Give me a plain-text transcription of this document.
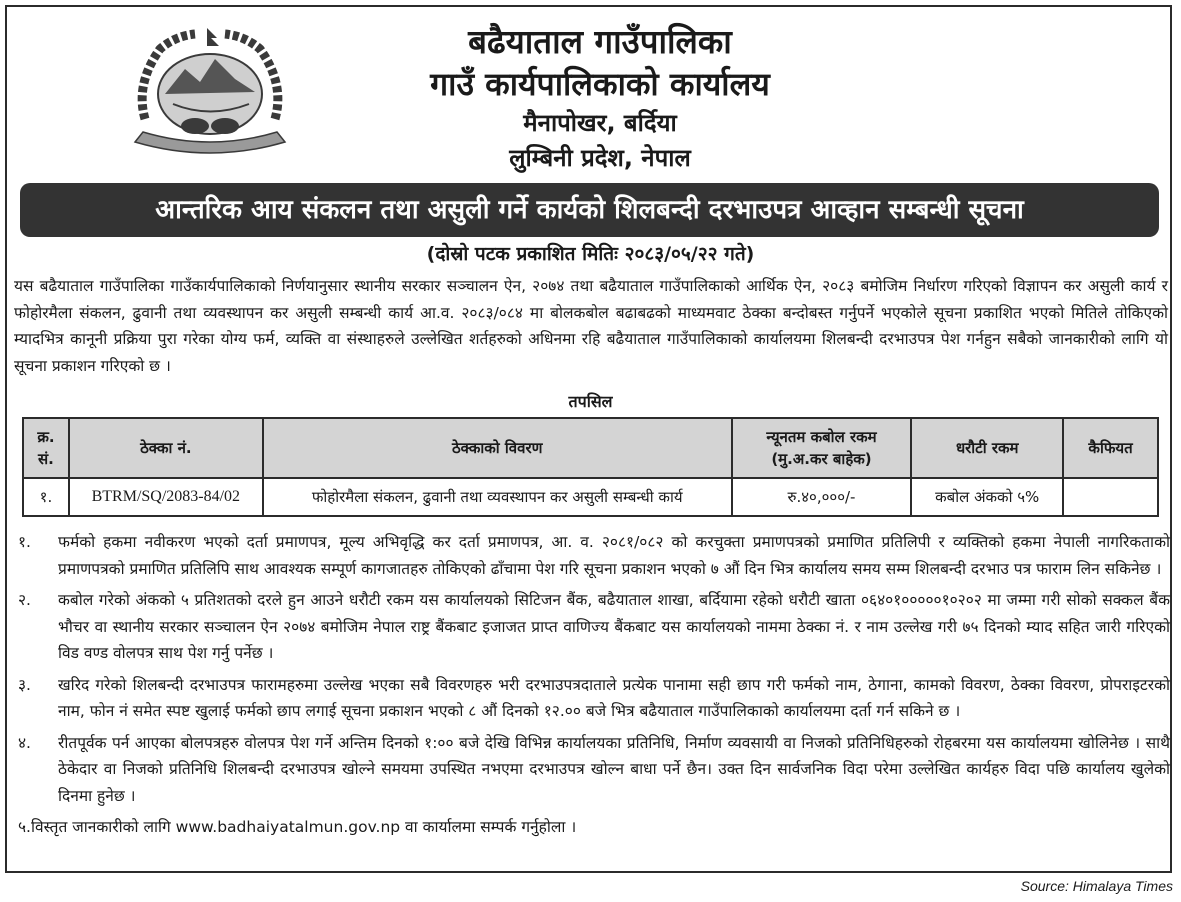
बढैयाताल गाउँपालिका
गाउँ कार्यपालिकाको कार्यालय
मैनापोखर, बर्दिया
लुम्बिनी प्रदेश, नेपाल
आन्तरिक आय संकलन तथा असुली गर्ने कार्यको शिलबन्दी दरभाउपत्र आव्हान सम्बन्धी सूचना
(दोस्रो पटक प्रकाशित मितिः २०८३/०५/२२ गते)
यस बढैयाताल गाउँपालिका गाउँकार्यपालिकाको निर्णयानुसार स्थानीय सरकार सञ्चालन ऐन, २०७४ तथा बढैयाताल गाउँपालिकाको आर्थिक ऐन, २०८३ बमोजिम निर्धारण गरिएको विज्ञापन कर असुली कार्य र फोहोरमैला संकलन, ढुवानी तथा व्यवस्थापन कर असुली सम्बन्धी कार्य आ.व. २०८३/०८४ मा बोलकबोल बढाबढको माध्यमवाट ठेक्का बन्दोबस्त गर्नुपर्ने भएकोले सूचना प्रकाशित भएको मितिले तोकिएको म्यादभित्र कानूनी प्रक्रिया पुरा गरेका योग्य फर्म, व्यक्ति वा संस्थाहरुले उल्लेखित शर्तहरुको अधिनमा रहि बढैयाताल गाउँपालिकाको कार्यालयमा शिलबन्दी दरभाउपत्र पेश गर्नहुन सबैको जानकारीको लागि यो सूचना प्रकाशन गरिएको छ ।
तपसिल
क्र. सं.	ठेक्का नं.	ठेक्काको विवरण	न्यूनतम कबोल रकम (मु.अ.कर बाहेक)	धरौटी रकम	कैफियत
१.	BTRM/SQ/2083-84/02	फोहोरमैला संकलन, ढुवानी तथा व्यवस्थापन कर असुली सम्बन्धी कार्य	रु.४०,०००/-	कबोल अंकको ५%	
१.	फर्मको हकमा नवीकरण भएको दर्ता प्रमाणपत्र, मूल्य अभिवृद्धि कर दर्ता प्रमाणपत्र, आ. व. २०८१/०८२ को करचुक्ता प्रमाणपत्रको प्रमाणित प्रतिलिपी र व्यक्तिको हकमा नेपाली नागरिकताको प्रमाणपत्रको प्रमाणित प्रतिलिपि साथ आवश्यक सम्पूर्ण कागजातहरु तोकिएको ढाँचामा पेश गरि सूचना प्रकाशन भएको ७ औं दिन भित्र कार्यालय समय सम्म शिलबन्दी दरभाउ पत्र फाराम लिन सकिनेछ ।
२.	कबोल गरेको अंकको ५ प्रतिशतको दरले हुन आउने धरौटी रकम यस कार्यालयको सिटिजन बैंक, बढैयाताल शाखा, बर्दियामा रहेको धरौटी खाता ०६४०१०००००१०२०२ मा जम्मा गरी सोको सक्कल बैंक भौचर वा स्थानीय सरकार सञ्चालन ऐन २०७४ बमोजिम नेपाल राष्ट्र बैंकबाट इजाजत प्राप्त वाणिज्य बैंकबाट यस कार्यालयको नाममा ठेक्का नं. र नाम उल्लेख गरी ७५ दिनको म्याद सहित जारी गरिएको विड वण्ड वोलपत्र साथ पेश गर्नु पर्नेछ ।
३.	खरिद गरेको शिलबन्दी दरभाउपत्र फारामहरुमा उल्लेख भएका सबै विवरणहरु भरी दरभाउपत्रदाताले प्रत्येक पानामा सही छाप गरी फर्मको नाम, ठेगाना, कामको विवरण, ठेक्का विवरण, प्रोपराइटरको नाम, फोन नं समेत स्पष्ट खुलाई फर्मको छाप लगाई सूचना प्रकाशन भएको ८ औं दिनको १२.०० बजे भित्र बढैयाताल गाउँपालिकाको कार्यालयमा दर्ता गर्न सकिने छ ।
४.	रीतपूर्वक पर्न आएका बोलपत्रहरु वोलपत्र पेश गर्ने अन्तिम दिनको १:०० बजे देखि विभिन्न कार्यालयका प्रतिनिधि, निर्माण व्यवसायी वा निजको प्रतिनिधिहरुको रोहबरमा यस कार्यालयमा खोलिनेछ । साथै ठेकेदार वा निजको प्रतिनिधि शिलबन्दी दरभाउपत्र खोल्ने समयमा उपस्थित नभएमा दरभाउपत्र खोल्न बाधा पर्ने छैन। उक्त दिन सार्वजनिक विदा परेमा उल्लेखित कार्यहरु विदा पछि कार्यालय खुलेको दिनमा हुनेछ ।
५. विस्तृत जानकारीको लागि www.badhaiyatalmun.gov.np वा कार्यालमा सम्पर्क गर्नुहोला ।
Source: Himalaya Times
